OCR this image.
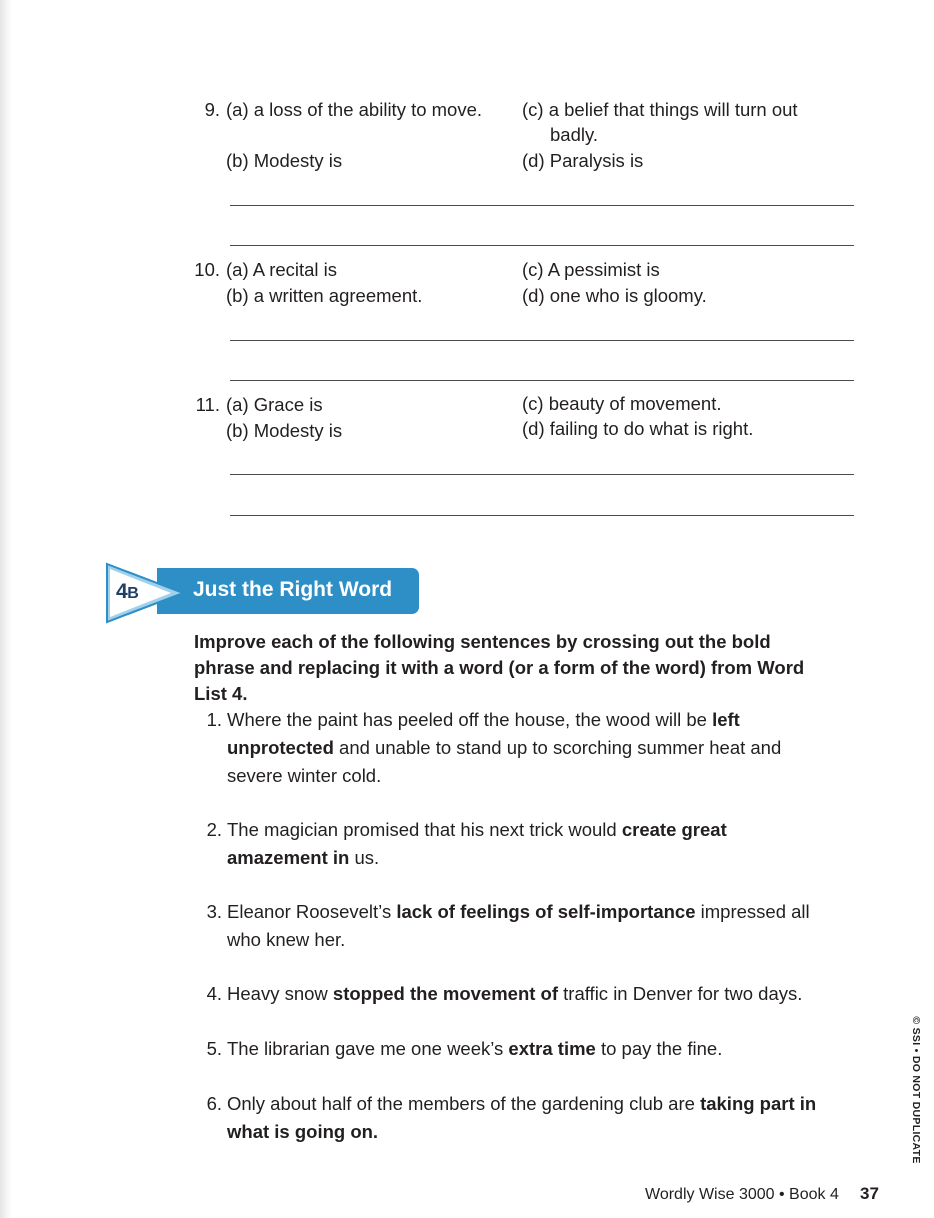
9. (a) a loss of the ability to move. (c) a belief that things will turn out
badly.
(b) Modesty is	(d) Paralysis is
10. (a) A recital is	(c) A pessimist is
(b) a written agreement.	(d) one who is gloomy.
11. (a) Grace is	(c) beauty of movement.
(b) Modesty is	(d) failing to do what is right.
4B	Just the Right Word
Improve each of the following sentences by crossing out the bold phrase and replacing it with a word (or a form of the word) from Word List 4.
1. Where the paint has peeled off the house, the wood will be left unprotected and unable to stand up to scorching summer heat and severe winter cold.
2. The magician promised that his next trick would create great amazement in us.
3. Eleanor Roosevelt’s lack of feelings of self-importance impressed all who knew her.
4. Heavy snow stopped the movement of traffic in Denver for two days.
5. The librarian gave me one week’s extra time to pay the fine.
6. Only about half of the members of the gardening club are taking part in what is going on.	© SSI • DO NOT DUPLICATE
Wordly Wise 3000 • Book 4 37
